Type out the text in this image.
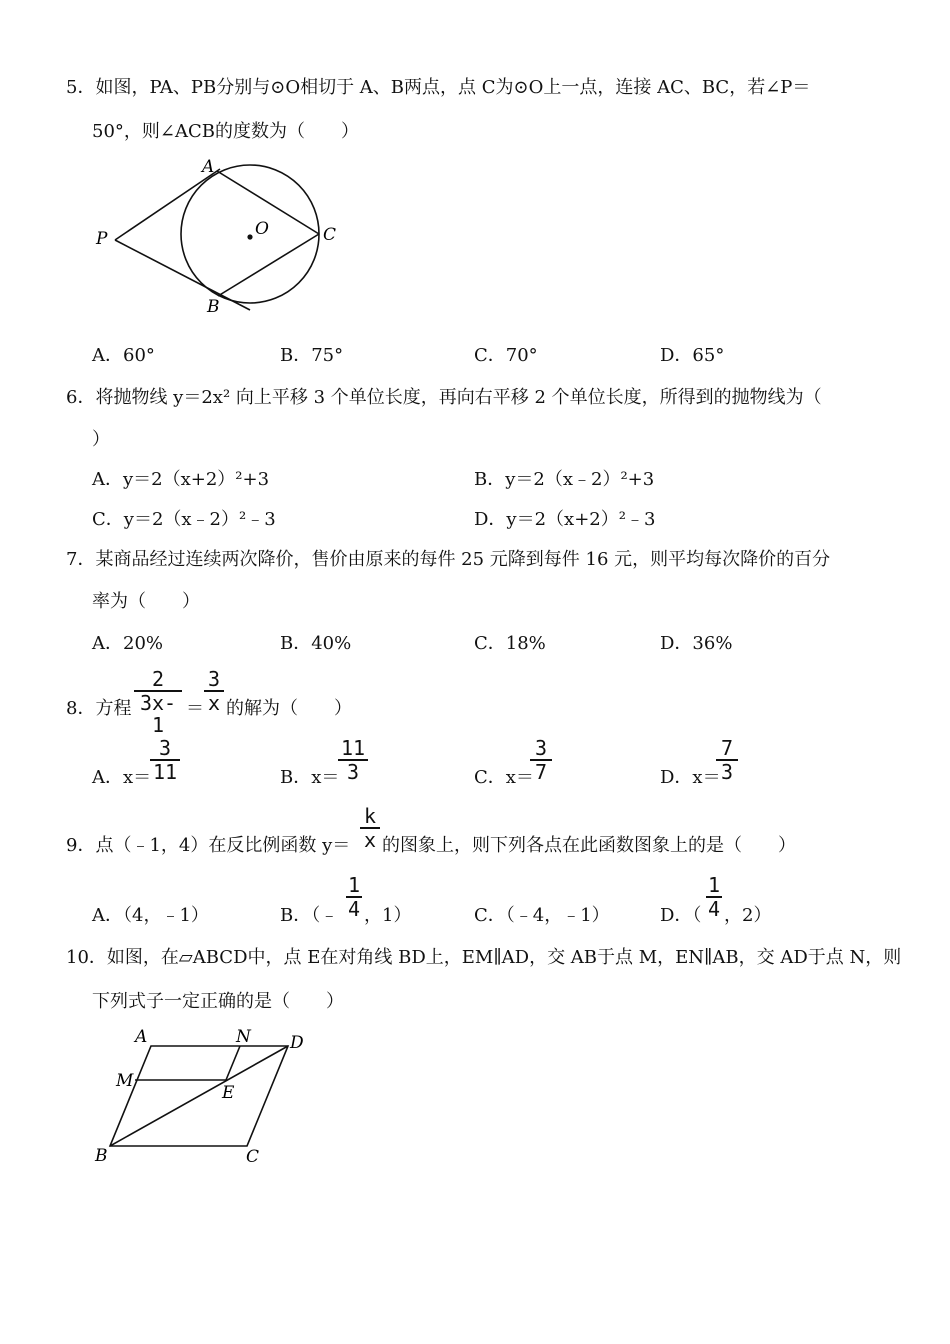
5．如图，PA、PB分别与⊙O相切于 A、B两点，点 C为⊙O上一点，连接 AC、BC，若∠P＝
50°，则∠ACB的度数为（　　）
A
O	C
P
B
A．60°	B．75°	C．70°	D．65°
6．将抛物线 y＝2x² 向上平移 3 个单位长度，再向右平移 2 个单位长度，所得到的抛物线为（
）
A．y＝2（x+2）²+3	B．y＝2（x﹣2）²+3
C．y＝2（x﹣2）²﹣3	D．y＝2（x+2）²﹣3
7．某商品经过连续两次降价，售价由原来的每件 25 元降到每件 16 元，则平均每次降价的百分
率为（　　）
A．20%	B．40%	C．18%	D．36%
8．方程
2
3x-1
＝
3
x 的解为（　　）
A．x＝
3
11	B．x＝
11
3	C．x＝
3
7	D．x＝
7
3
9．点（﹣1，4）在反比例函数 y＝
k
x 的图象上，则下列各点在此函数图象上的是（　　）
A．（4，﹣1）	B．（﹣
1
4 ，1）	C．（﹣4，﹣1）	D．（
1
4 ，2）
10．如图，在▱ABCD中，点 E在对角线 BD上，EM∥AD，交 AB于点 M，EN∥AB，交 AD于点 N，则
下列式子一定正确的是（　　）
A	N D
M
E
B	C
